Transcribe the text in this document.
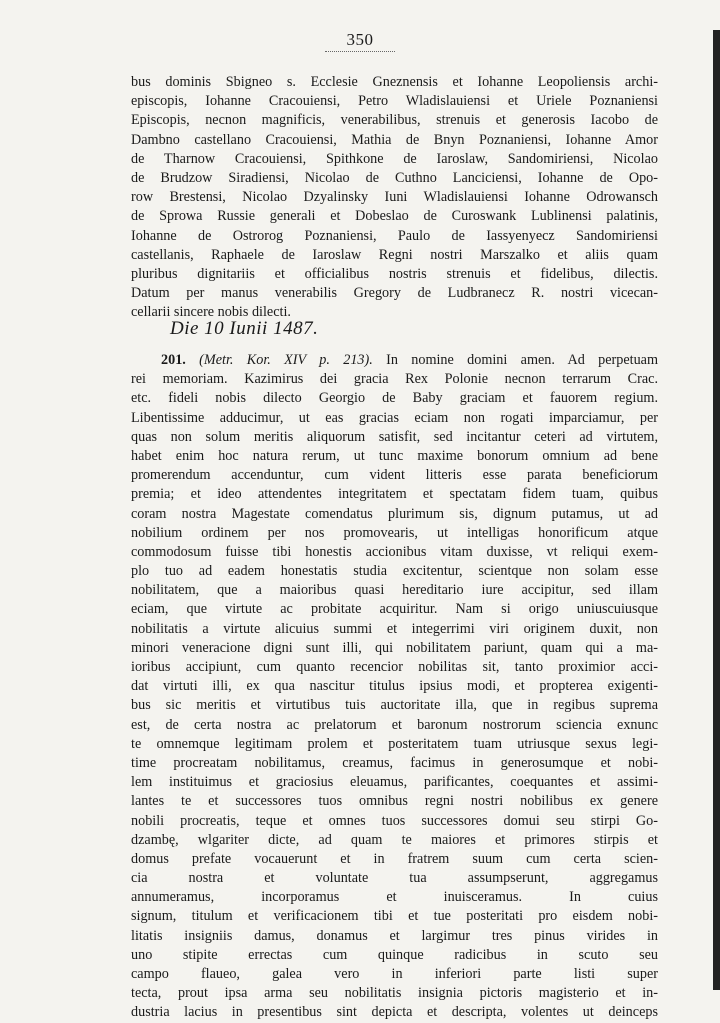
350
bus dominis Sbigneo s. Ecclesie Gneznensis et Iohanne Leopoliensis archi-
episcopis, Iohanne Cracouiensi, Petro Wladislauiensi et Uriele Poznaniensi
Episcopis, necnon magnificis, venerabilibus, strenuis et generosis Iacobo de
Dambno castellano Cracouiensi, Mathia de Bnyn Poznaniensi, Iohanne Amor
de Tharnow Cracouiensi, Spithkone de Iaroslaw, Sandomiriensi, Nicolao
de Brudzow Siradiensi, Nicolao de Cuthno Lanciciensi, Iohanne de Opo-
row Brestensi, Nicolao Dzyalinsky Iuni Wladislauiensi Iohanne Odrowansch
de Sprowa Russie generali et Dobeslao de Curoswank Lublinensi palatinis,
Iohanne de Ostrorog Poznaniensi, Paulo de Iassyenyecz Sandomiriensi
castellanis, Raphaele de Iaroslaw Regni nostri Marszalko et aliis quam
pluribus dignitariis et officialibus nostris strenuis et fidelibus, dilectis.
Datum per manus venerabilis Gregory de Ludbranecz R. nostri vicecan-
cellarii sincere nobis dilecti.
Die 10 Iunii 1487.
201. (Metr. Kor. XIV p. 213). In nomine domini amen. Ad perpetuam
rei memoriam. Kazimirus dei gracia Rex Polonie necnon terrarum Crac.
etc. fideli nobis dilecto Georgio de Baby graciam et fauorem regium.
Libentissime adducimur, ut eas gracias eciam non rogati imparciamur, per
quas non solum meritis aliquorum satisfit, sed incitantur ceteri ad virtutem,
habet enim hoc natura rerum, ut tunc maxime bonorum omnium ad bene
promerendum accenduntur, cum vident litteris esse parata beneficiorum
premia; et ideo attendentes integritatem et spectatam fidem tuam, quibus
coram nostra Magestate comendatus plurimum sis, dignum putamus, ut ad
nobilium ordinem per nos promovearis, ut intelligas honorificum atque
commodosum fuisse tibi honestis accionibus vitam duxisse, vt reliqui exem-
plo tuo ad eadem honestatis studia excitentur, scientque non solam esse
nobilitatem, que a maioribus quasi hereditario iure accipitur, sed illam
eciam, que virtute ac probitate acquiritur. Nam si origo uniuscuiusque
nobilitatis a virtute alicuius summi et integerrimi viri originem duxit, non
minori veneracione digni sunt illi, qui nobilitatem pariunt, quam qui a ma-
ioribus accipiunt, cum quanto recencior nobilitas sit, tanto proximior acci-
dat virtuti illi, ex qua nascitur titulus ipsius modi, et propterea exigenti-
bus sic meritis et virtutibus tuis auctoritate illa, que in regibus suprema
est, de certa nostra ac prelatorum et baronum nostrorum sciencia exnunc
te omnemque legitimam prolem et posteritatem tuam utriusque sexus legi-
time procreatam nobilitamus, creamus, facimus in generosumque et nobi-
lem instituimus et graciosius eleuamus, parificantes, coequantes et assimi-
lantes te et successores tuos omnibus regni nostri nobilibus ex genere
nobili procreatis, teque et omnes tuos successores domui seu stirpi Go-
dzambę, wlgariter dicte, ad quam te maiores et primores stirpis et
domus prefate vocauerunt et in fratrem suum cum certa scien-
cia nostra et voluntate tua assumpserunt, aggregamus
annumeramus, incorporamus et inuisceramus. In cuius
signum, titulum et verificacionem tibi et tue posteritati pro eisdem nobi-
litatis insigniis damus, donamus et largimur tres pinus virides in
uno stipite errectas cum quinque radicibus in scuto seu
campo flaueo, galea vero in inferiori parte listi super
tecta, prout ipsa arma seu nobilitatis insignia pictoris magisterio et in-
dustria lacius in presentibus sint depicta et descripta, volentes ut deinceps
